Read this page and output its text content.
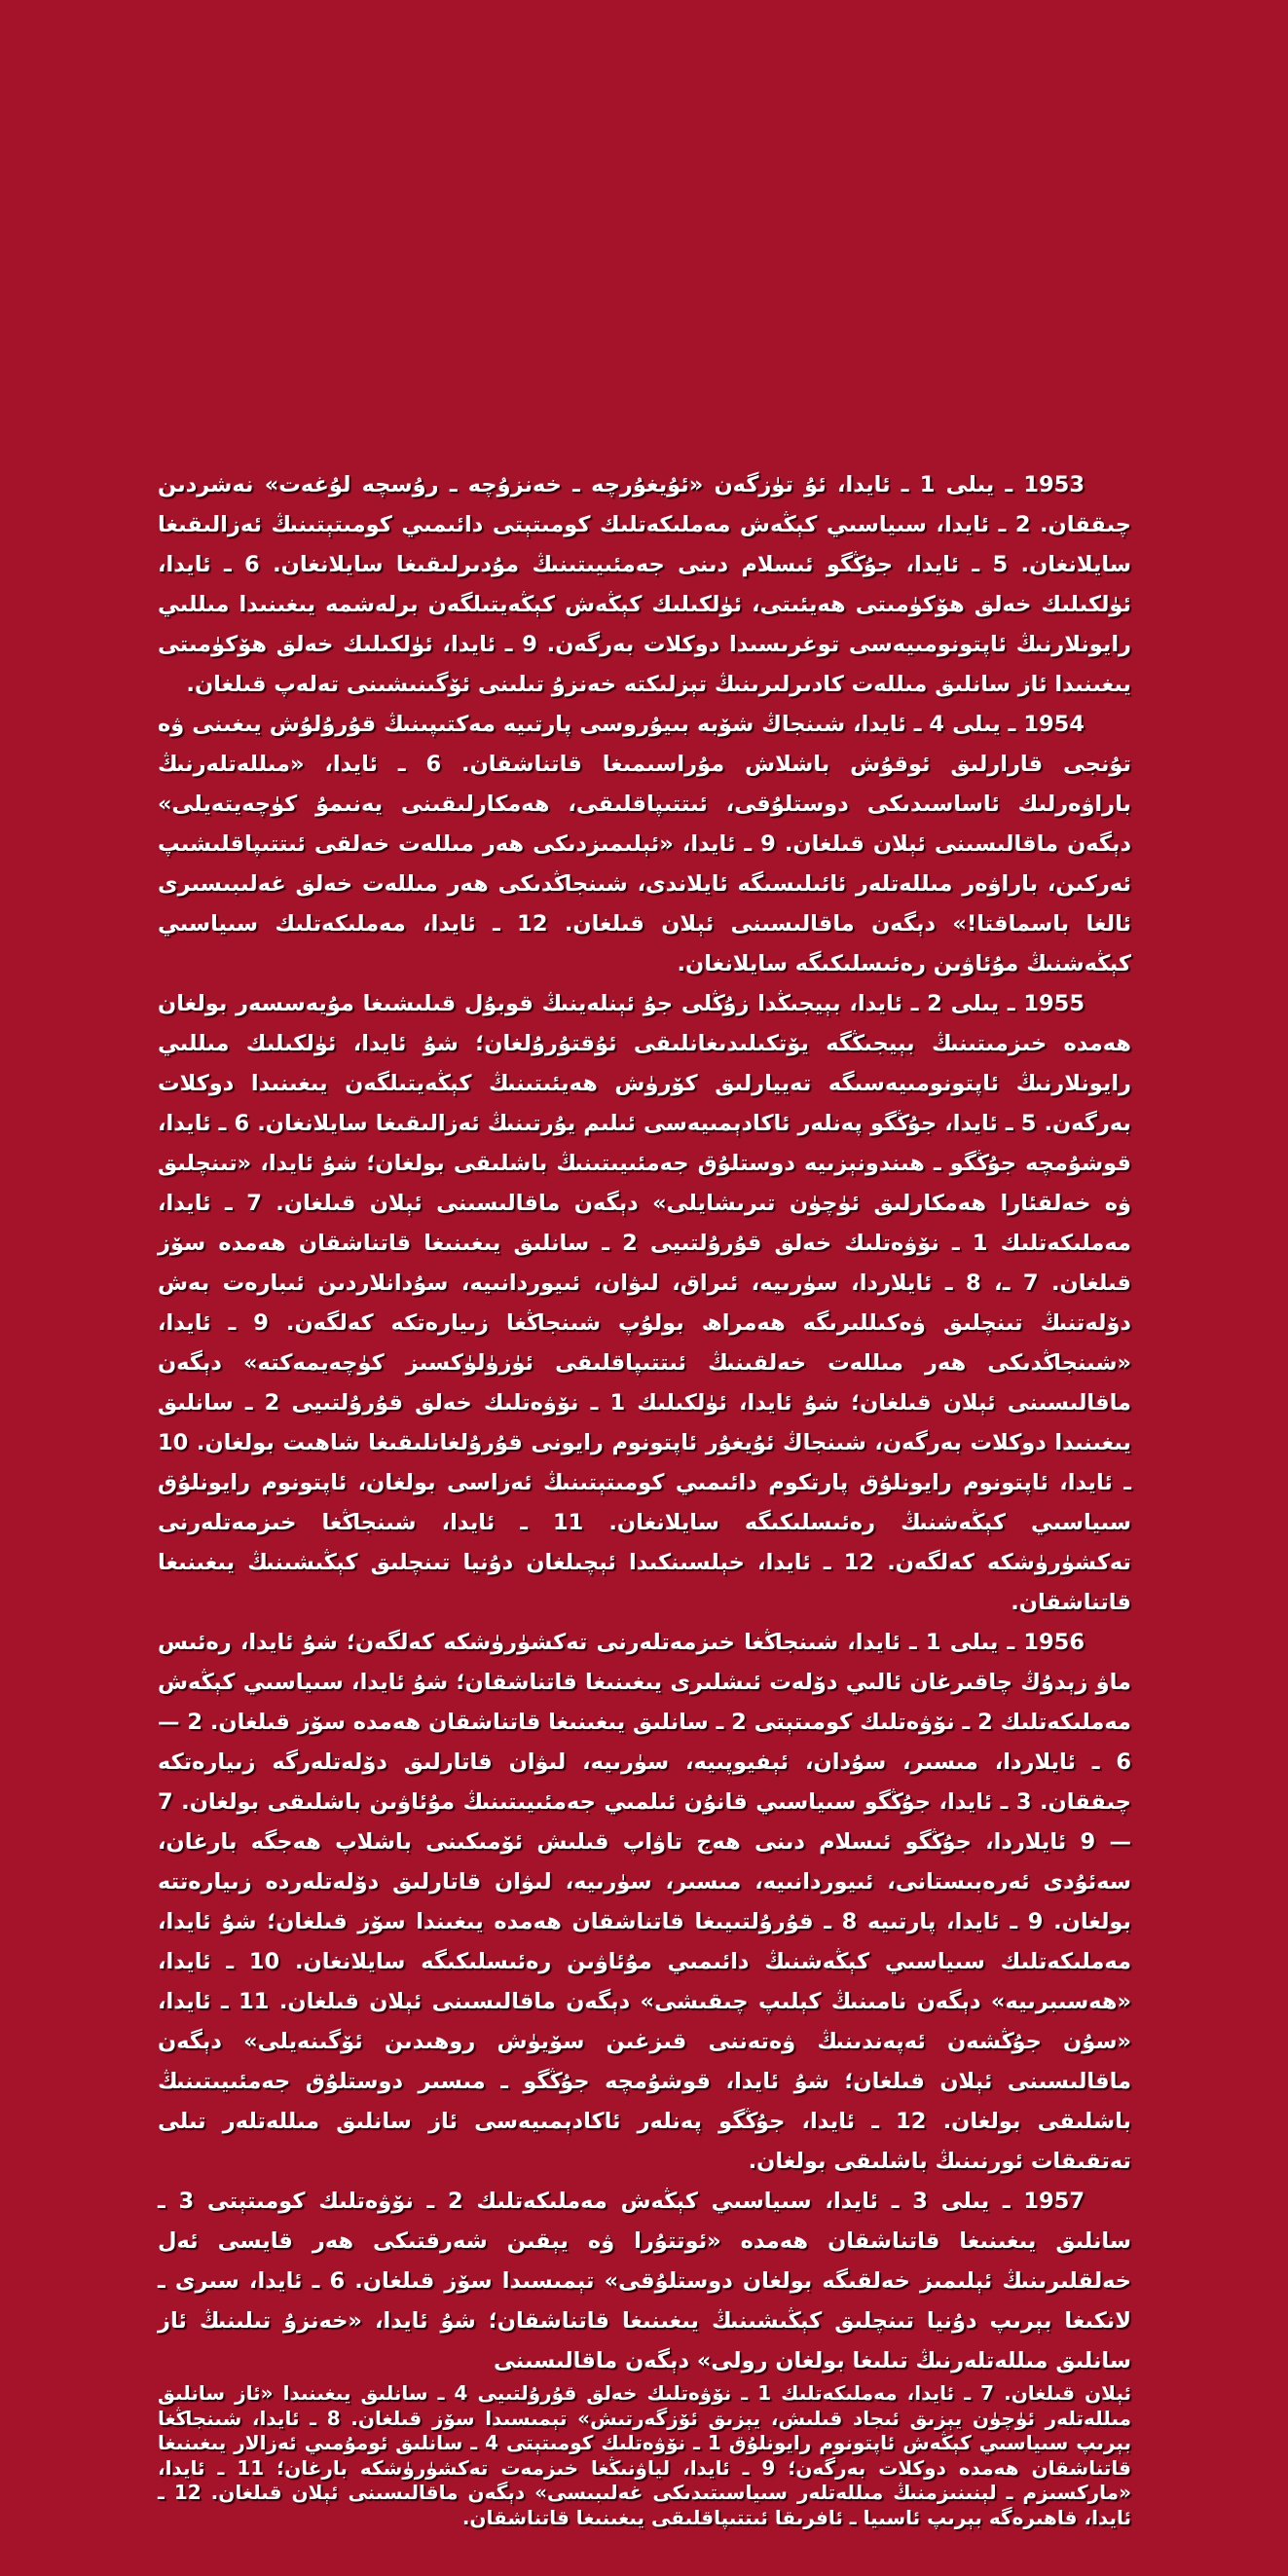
1953 ـ يىلى 1 ـ ئايدا، ئۇ تۈزگەن «ئۇيغۇرچە ـ خەنزۇچە ـ رۇسچە لۇغەت» نەشردىن چىققان. 2 ـ ئايدا، سىياسىي كېڭەش مەملىكەتلىك كومىتېتى دائىمىي كومىتېتىنىڭ ئەزالىقىغا سايلانغان. 5 ـ ئايدا، جۇڭگو ئىسلام دىنى جەمئىيىتىنىڭ مۇدىرلىقىغا سايلانغان. 6 ـ ئايدا، ئۈلكىلىك خەلق ھۆكۈمىتى ھەيئىتى، ئۈلكىلىك كېڭەش كېڭەيتىلگەن برلەشمە يىغىنىدا مىللىي رايونلارنىڭ ئاپتونومىيەسى توغرىسىدا دوكلات بەرگەن. 9 ـ ئايدا، ئۈلكىلىك خەلق ھۆكۈمىتى يىغىنىدا ئاز سانلىق مىللەت كادىرلىرىنىڭ تېزلىكتە خەنزۇ تىلىنى ئۆگىنىشىنى تەلەپ قىلغان.

1954 ـ يىلى 4 ـ ئايدا، شىنجاڭ شۆبە بىيۇروسى پارتىيە مەكتىپىنىڭ قۇرۇلۇش يىغىنى ۋە تۇنجى قارارلىق ئوقۇش باشلاش مۇراسىمىغا قاتناشقان. 6 ـ ئايدا، «مىللەتلەرنىڭ باراۋەرلىك ئاساسىدىكى دوستلۇقى، ئىتتىپاقلىقى، ھەمكارلىقىنى يەنىمۇ كۈچەيتەيلى» دېگەن ماقالىسىنى ئېلان قىلغان. 9 ـ ئايدا، «ئېلىمىزدىكى ھەر مىللەت خەلقى ئىتتىپاقلىشىپ ئەركىن، باراۋەر مىللەتلەر ئائىلىسىگە ئايلاندى، شىنجاڭدىكى ھەر مىللەت خەلق غەلىبىسىرى ئالغا باسماقتا!» دېگەن ماقالىسىنى ئېلان قىلغان. 12 ـ ئايدا، مەملىكەتلىك سىياسىي كېڭەشنىڭ مۇئاۋىن رەئىسلىكىگە سايلانغان.

1955 ـ يىلى 2 ـ ئايدا، بېيجىڭدا زۇڭلى جۇ ئېنلەينىڭ قوبۇل قىلىشىغا مۇيەسسەر بولغان ھەمدە خىزمىتىنىڭ بېيجىڭگە يۆتكىلىدىغانلىقى ئۇقتۇرۇلغان؛ شۇ ئايدا، ئۈلكىلىك مىللىي رايونلارنىڭ ئاپتونومىيەسىگە تەييارلىق كۆرۈش ھەيئىتىنىڭ كېڭەيتىلگەن يىغىنىدا دوكلات بەرگەن. 5 ـ ئايدا، جۇڭگو پەنلەر ئاكادېمىيەسى ئىلىم يۇرتىنىڭ ئەزالىقىغا سايلانغان. 6 ـ ئايدا، قوشۇمچە جۇڭگو ـ ھىندونېزىيە دوستلۇق جەمئىيىتىنىڭ باشلىقى بولغان؛ شۇ ئايدا، «تىنچلىق ۋە خەلقئارا ھەمكارلىق ئۈچۈن تىرىشايلى» دېگەن ماقالىسىنى ئېلان قىلغان. 7 ـ ئايدا، مەملىكەتلىك 1 ـ نۆۋەتلىك خەلق قۇرۇلتىيى 2 ـ سانلىق يىغىنىغا قاتناشقان ھەمدە سۆز قىلغان. 7 ـ، 8 ـ ئايلاردا، سۈرىيە، ئىراق، لىۋان، ئىيوردانىيە، سۇدانلاردىن ئىبارەت بەش دۆلەتنىڭ تىنچلىق ۋەكىللىرىگە ھەمراھ بولۇپ شىنجاڭغا زىيارەتكە كەلگەن. 9 ـ ئايدا، «شىنجاڭدىكى ھەر مىللەت خەلقىنىڭ ئىتتىپاقلىقى ئۈزۈلۈكسىز كۈچەيمەكتە» دېگەن ماقالىسىنى ئېلان قىلغان؛ شۇ ئايدا، ئۈلكىلىك 1 ـ نۆۋەتلىك خەلق قۇرۇلتىيى 2 ـ سانلىق يىغىنىدا دوكلات بەرگەن، شىنجاڭ ئۇيغۇر ئاپتونوم رايونى قۇرۇلغانلىقىغا شاھىت بولغان. 10 ـ ئايدا، ئاپتونوم رايونلۇق پارتكوم دائىمىي كومىتېتىنىڭ ئەزاسى بولغان، ئاپتونوم رايونلۇق سىياسىي كېڭەشنىڭ رەئىسلىكىگە سايلانغان. 11 ـ ئايدا، شىنجاڭغا خىزمەتلەرنى تەكشۈرۈشكە كەلگەن. 12 ـ ئايدا، خېلسىنكىدا ئېچىلغان دۇنيا تىنچلىق كېڭىشىنىڭ يىغىنىغا قاتناشقان.

1956 ـ يىلى 1 ـ ئايدا، شىنجاڭغا خىزمەتلەرنى تەكشۈرۈشكە كەلگەن؛ شۇ ئايدا، رەئىس ماۋ زېدۇڭ چاقىرغان ئالىي دۆلەت ئىشلىرى يىغىنىغا قاتناشقان؛ شۇ ئايدا، سىياسىي كېڭەش مەملىكەتلىك 2 ـ نۆۋەتلىك كومىتېتى 2 ـ سانلىق يىغىنىغا قاتناشقان ھەمدە سۆز قىلغان. 2 — 6 ـ ئايلاردا، مىسىر، سۇدان، ئېفيوپىيە، سۈرىيە، لىۋان قاتارلىق دۆلەتلەرگە زىيارەتكە چىققان. 3 ـ ئايدا، جۇڭگو سىياسىي قانۇن ئىلمىي جەمئىيىتىنىڭ مۇئاۋىن باشلىقى بولغان. 7 — 9 ئايلاردا، جۇڭگو ئىسلام دىنى ھەج تاۋاپ قىلىش ئۆمىكىنى باشلاپ ھەجگە بارغان، سەئۇدى ئەرەبىستانى، ئىيوردانىيە، مىسىر، سۈرىيە، لىۋان قاتارلىق دۆلەتلەردە زىيارەتتە بولغان. 9 ـ ئايدا، پارتىيە 8 ـ قۇرۇلتىيىغا قاتناشقان ھەمدە يىغىندا سۆز قىلغان؛ شۇ ئايدا، مەملىكەتلىك سىياسىي كېڭەشنىڭ دائىمىي مۇئاۋىن رەئىسلىكىگە سايلانغان. 10 ـ ئايدا، «ھەسىبرىيە» دېگەن نامىنىڭ كېلىپ چىقىشى» دېگەن ماقالىسىنى ئېلان قىلغان. 11 ـ ئايدا، «سۇن جۇڭشەن ئەپەندىنىڭ ۋەتەننى قىزغىن سۆيۈش روھىدىن ئۆگىنەيلى» دېگەن ماقالىسىنى ئېلان قىلغان؛ شۇ ئايدا، قوشۇمچە جۇڭگو ـ مىسىر دوستلۇق جەمئىيىتىنىڭ باشلىقى بولغان. 12 ـ ئايدا، جۇڭگو پەنلەر ئاكادېمىيەسى ئاز سانلىق مىللەتلەر تىلى تەتقىقات ئورنىنىڭ باشلىقى بولغان.

1957 ـ يىلى 3 ـ ئايدا، سىياسىي كېڭەش مەملىكەتلىك 2 ـ نۆۋەتلىك كومىتېتى 3 ـ سانلىق يىغىنىغا قاتناشقان ھەمدە «ئوتتۇرا ۋە يېقىن شەرقتىكى ھەر قايسى ئەل خەلقلىرىنىڭ ئېلىمىز خەلقىگە بولغان دوستلۇقى» تېمىسىدا سۆز قىلغان. 6 ـ ئايدا، سىرى ـ لانكىغا بېرىپ دۇنيا تىنچلىق كېڭىشىنىڭ يىغىنىغا قاتناشقان؛ شۇ ئايدا، «خەنزۇ تىلىنىڭ ئاز سانلىق مىللەتلەرنىڭ تىلىغا بولغان رولى» دېگەن ماقالىسىنى

ئېلان قىلغان. 7 ـ ئايدا، مەملىكەتلىك 1 ـ نۆۋەتلىك خەلق قۇرۇلتىيى 4 ـ سانلىق يىغىنىدا «ئاز سانلىق مىللەتلەر ئۈچۈن يېزىق ئىجاد قىلىش، يېزىق ئۆزگەرتىش» تېمىسىدا سۆز قىلغان. 8 ـ ئايدا، شىنجاڭغا بېرىپ سىياسىي كېڭەش ئاپتونوم رايونلۇق 1 ـ نۆۋەتلىك كومىتېتى 4 ـ سانلىق ئومۇمىي ئەزالار يىغىنىغا قاتناشقان ھەمدە دوكلات بەرگەن؛ 9 ـ ئايدا، لياۋنىڭغا خىزمەت تەكشۈرۈشكە بارغان؛ 11 ـ ئايدا، «ماركسىزم ـ لېنىنىزمنىڭ مىللەتلەر سىياسىتىدىكى غەلىبىسى» دېگەن ماقالىسىنى ئېلان قىلغان. 12 ـ ئايدا، قاھىرەگە بېرىپ ئاسىيا ـ ئافرىقا ئىتتىپاقلىقى يىغىنىغا قاتناشقان.
